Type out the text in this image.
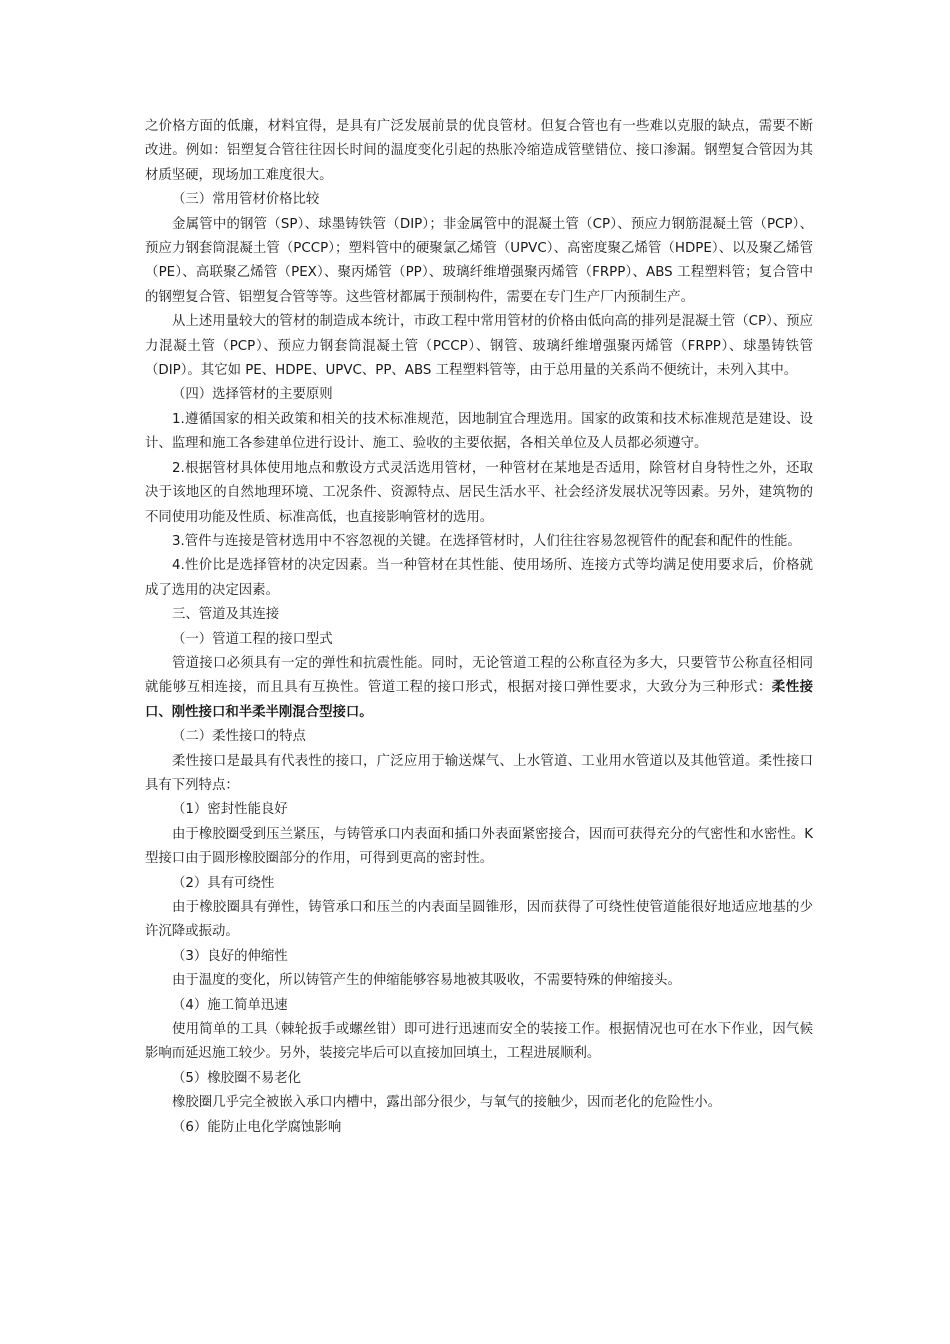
之价格方面的低廉，材料宜得，是具有广泛发展前景的优良管材。但复合管也有一些难以克服的缺点，需要不断改进。例如：铝塑复合管往往因长时间的温度变化引起的热胀冷缩造成管壁错位、接口渗漏。钢塑复合管因为其材质坚硬，现场加工难度很大。

（三）常用管材价格比较

金属管中的钢管（SP）、球墨铸铁管（DIP）；非金属管中的混凝土管（CP）、预应力钢筋混凝土管（PCP）、预应力钢套筒混凝土管（PCCP）；塑料管中的硬聚氯乙烯管（UPVC）、高密度聚乙烯管（HDPE）、以及聚乙烯管（PE）、高联聚乙烯管（PEX）、聚丙烯管（PP）、玻璃纤维增强聚丙烯管（FRPP）、ABS 工程塑料管；复合管中的钢塑复合管、铝塑复合管等等。这些管材都属于预制构件，需要在专门生产厂内预制生产。

从上述用量较大的管材的制造成本统计，市政工程中常用管材的价格由低向高的排列是混凝土管（CP）、预应力混凝土管（PCP）、预应力钢套筒混凝土管（PCCP）、钢管、玻璃纤维增强聚丙烯管（FRPP）、球墨铸铁管（DIP）。其它如 PE、HDPE、UPVC、PP、ABS 工程塑料管等，由于总用量的关系尚不便统计，未列入其中。

（四）选择管材的主要原则

1.遵循国家的相关政策和相关的技术标准规范，因地制宜合理选用。国家的政策和技术标准规范是建设、设计、监理和施工各参建单位进行设计、施工、验收的主要依据，各相关单位及人员都必须遵守。

2.根据管材具体使用地点和敷设方式灵活选用管材，一种管材在某地是否适用，除管材自身特性之外，还取决于该地区的自然地理环境、工况条件、资源特点、居民生活水平、社会经济发展状况等因素。另外，建筑物的不同使用功能及性质、标准高低，也直接影响管材的选用。

3.管件与连接是管材选用中不容忽视的关键。在选择管材时，人们往往容易忽视管件的配套和配件的性能。

4.性价比是选择管材的决定因素。当一种管材在其性能、使用场所、连接方式等均满足使用要求后，价格就成了选用的决定因素。

三、管道及其连接

（一）管道工程的接口型式

管道接口必须具有一定的弹性和抗震性能。同时，无论管道工程的公称直径为多大，只要管节公称直径相同就能够互相连接，而且具有互换性。管道工程的接口形式，根据对接口弹性要求，大致分为三种形式：柔性接口、刚性接口和半柔半刚混合型接口。

（二）柔性接口的特点

柔性接口是最具有代表性的接口，广泛应用于输送煤气、上水管道、工业用水管道以及其他管道。柔性接口具有下列特点：

（1）密封性能良好

由于橡胶圈受到压兰紧压，与铸管承口内表面和插口外表面紧密接合，因而可获得充分的气密性和水密性。K 型接口由于圆形橡胶圈部分的作用，可得到更高的密封性。

（2）具有可绕性

由于橡胶圈具有弹性，铸管承口和压兰的内表面呈圆锥形，因而获得了可绕性使管道能很好地适应地基的少许沉降或振动。

（3）良好的伸缩性

由于温度的变化，所以铸管产生的伸缩能够容易地被其吸收，不需要特殊的伸缩接头。

（4）施工简单迅速

使用简单的工具（棘轮扳手或螺丝钳）即可进行迅速而安全的装接工作。根据情况也可在水下作业，因气候影响而延迟施工较少。另外，装接完毕后可以直接加回填土，工程进展顺利。

（5）橡胶圈不易老化

橡胶圈几乎完全被嵌入承口内槽中，露出部分很少，与氧气的接触少，因而老化的危险性小。

（6）能防止电化学腐蚀影响
